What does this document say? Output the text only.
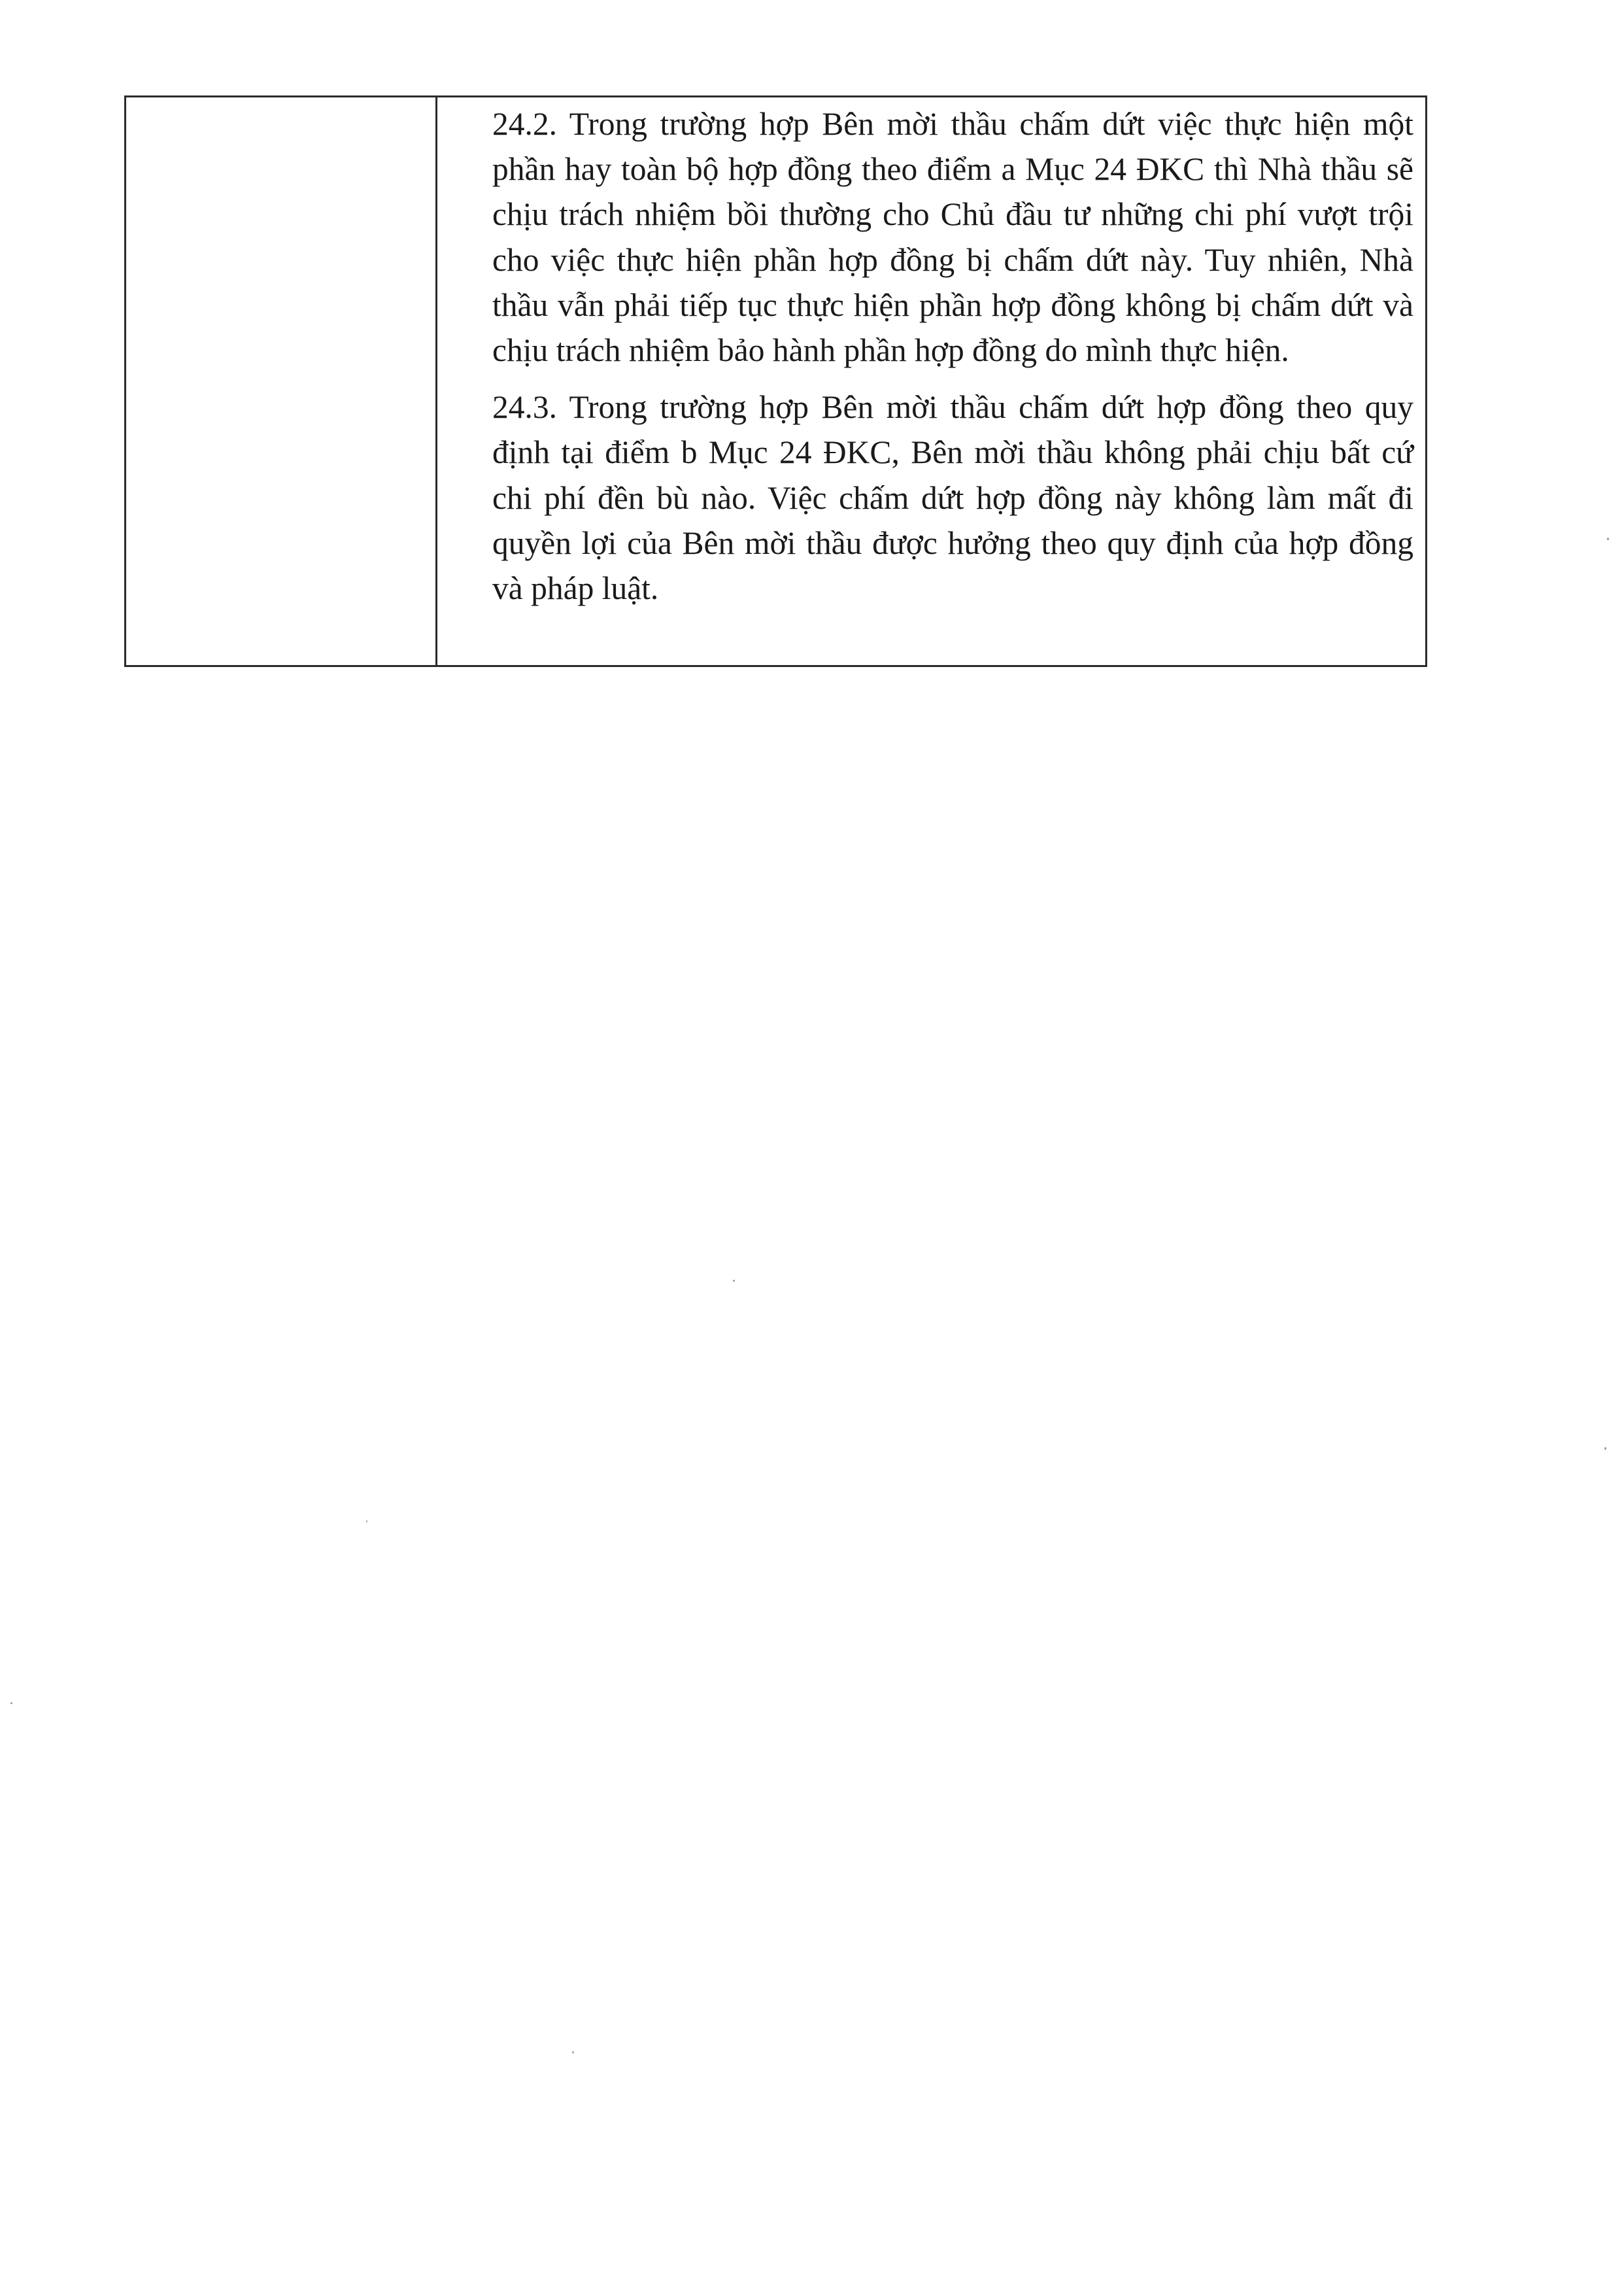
24.2. Trong trường hợp Bên mời thầu chấm dứt việc thực hiện một phần hay toàn bộ hợp đồng theo điểm a Mục 24 ĐKC thì Nhà thầu sẽ chịu trách nhiệm bồi thường cho Chủ đầu tư những chi phí vượt trội cho việc thực hiện phần hợp đồng bị chấm dứt này. Tuy nhiên, Nhà thầu vẫn phải tiếp tục thực hiện phần hợp đồng không bị chấm dứt và chịu trách nhiệm bảo hành phần hợp đồng do mình thực hiện.

24.3. Trong trường hợp Bên mời thầu chấm dứt hợp đồng theo quy định tại điểm b Mục 24 ĐKC, Bên mời thầu không phải chịu bất cứ chi phí đền bù nào. Việc chấm dứt hợp đồng này không làm mất đi quyền lợi của Bên mời thầu được hưởng theo quy định của hợp đồng và pháp luật.
